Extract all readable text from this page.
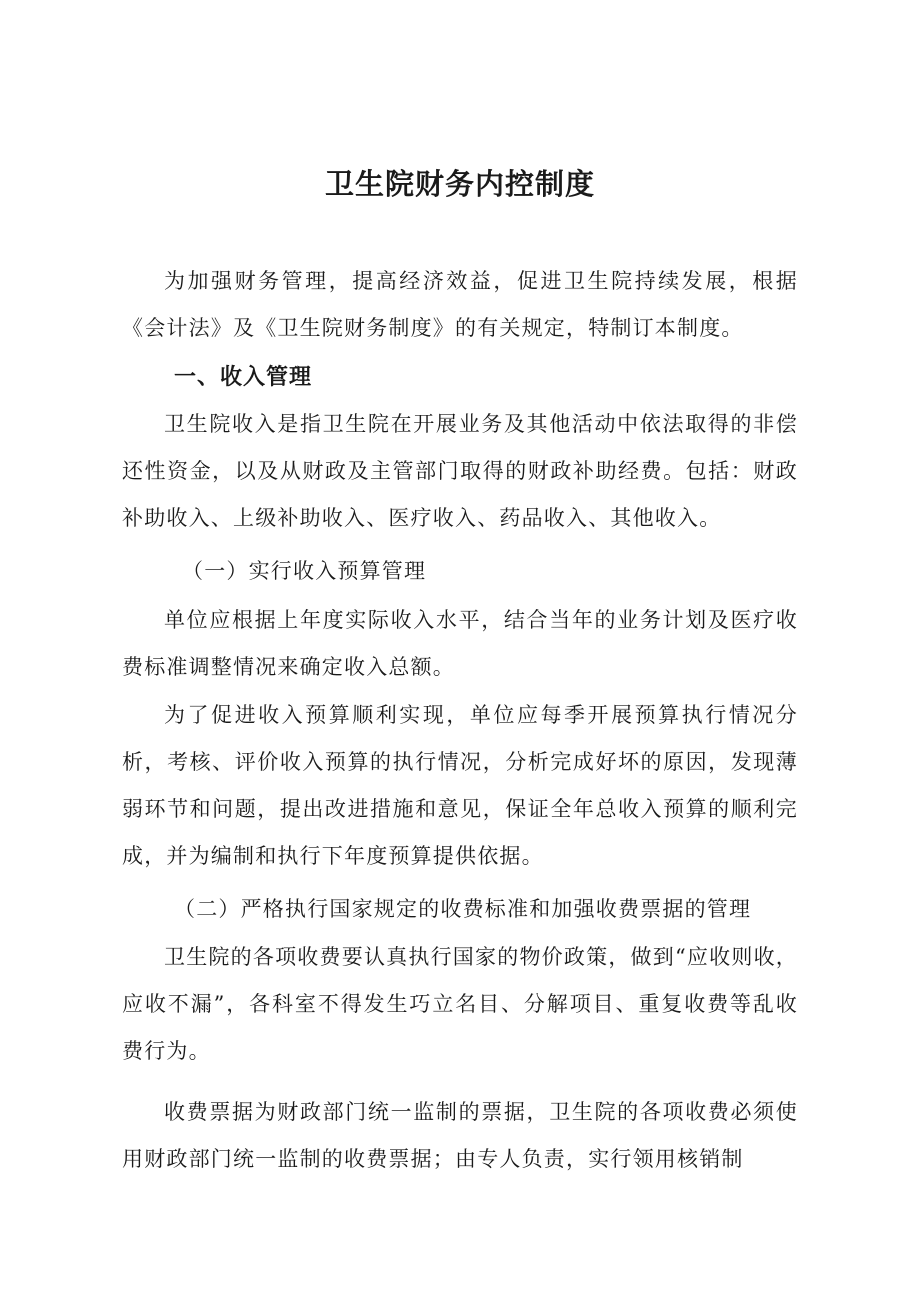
卫生院财务内控制度
为加强财务管理，提高经济效益，促进卫生院持续发展，根据《会计法》及《卫生院财务制度》的有关规定，特制订本制度。
一、收入管理
卫生院收入是指卫生院在开展业务及其他活动中依法取得的非偿还性资金，以及从财政及主管部门取得的财政补助经费。包括：财政补助收入、上级补助收入、医疗收入、药品收入、其他收入。
（一）实行收入预算管理
单位应根据上年度实际收入水平，结合当年的业务计划及医疗收费标准调整情况来确定收入总额。
为了促进收入预算顺利实现，单位应每季开展预算执行情况分析，考核、评价收入预算的执行情况，分析完成好坏的原因，发现薄弱环节和问题，提出改进措施和意见，保证全年总收入预算的顺利完成，并为编制和执行下年度预算提供依据。
（二）严格执行国家规定的收费标准和加强收费票据的管理
卫生院的各项收费要认真执行国家的物价政策，做到“应收则收，应收不漏”，各科室不得发生巧立名目、分解项目、重复收费等乱收费行为。
收费票据为财政部门统一监制的票据，卫生院的各项收费必须使用财政部门统一监制的收费票据；由专人负责，实行领用核销制
